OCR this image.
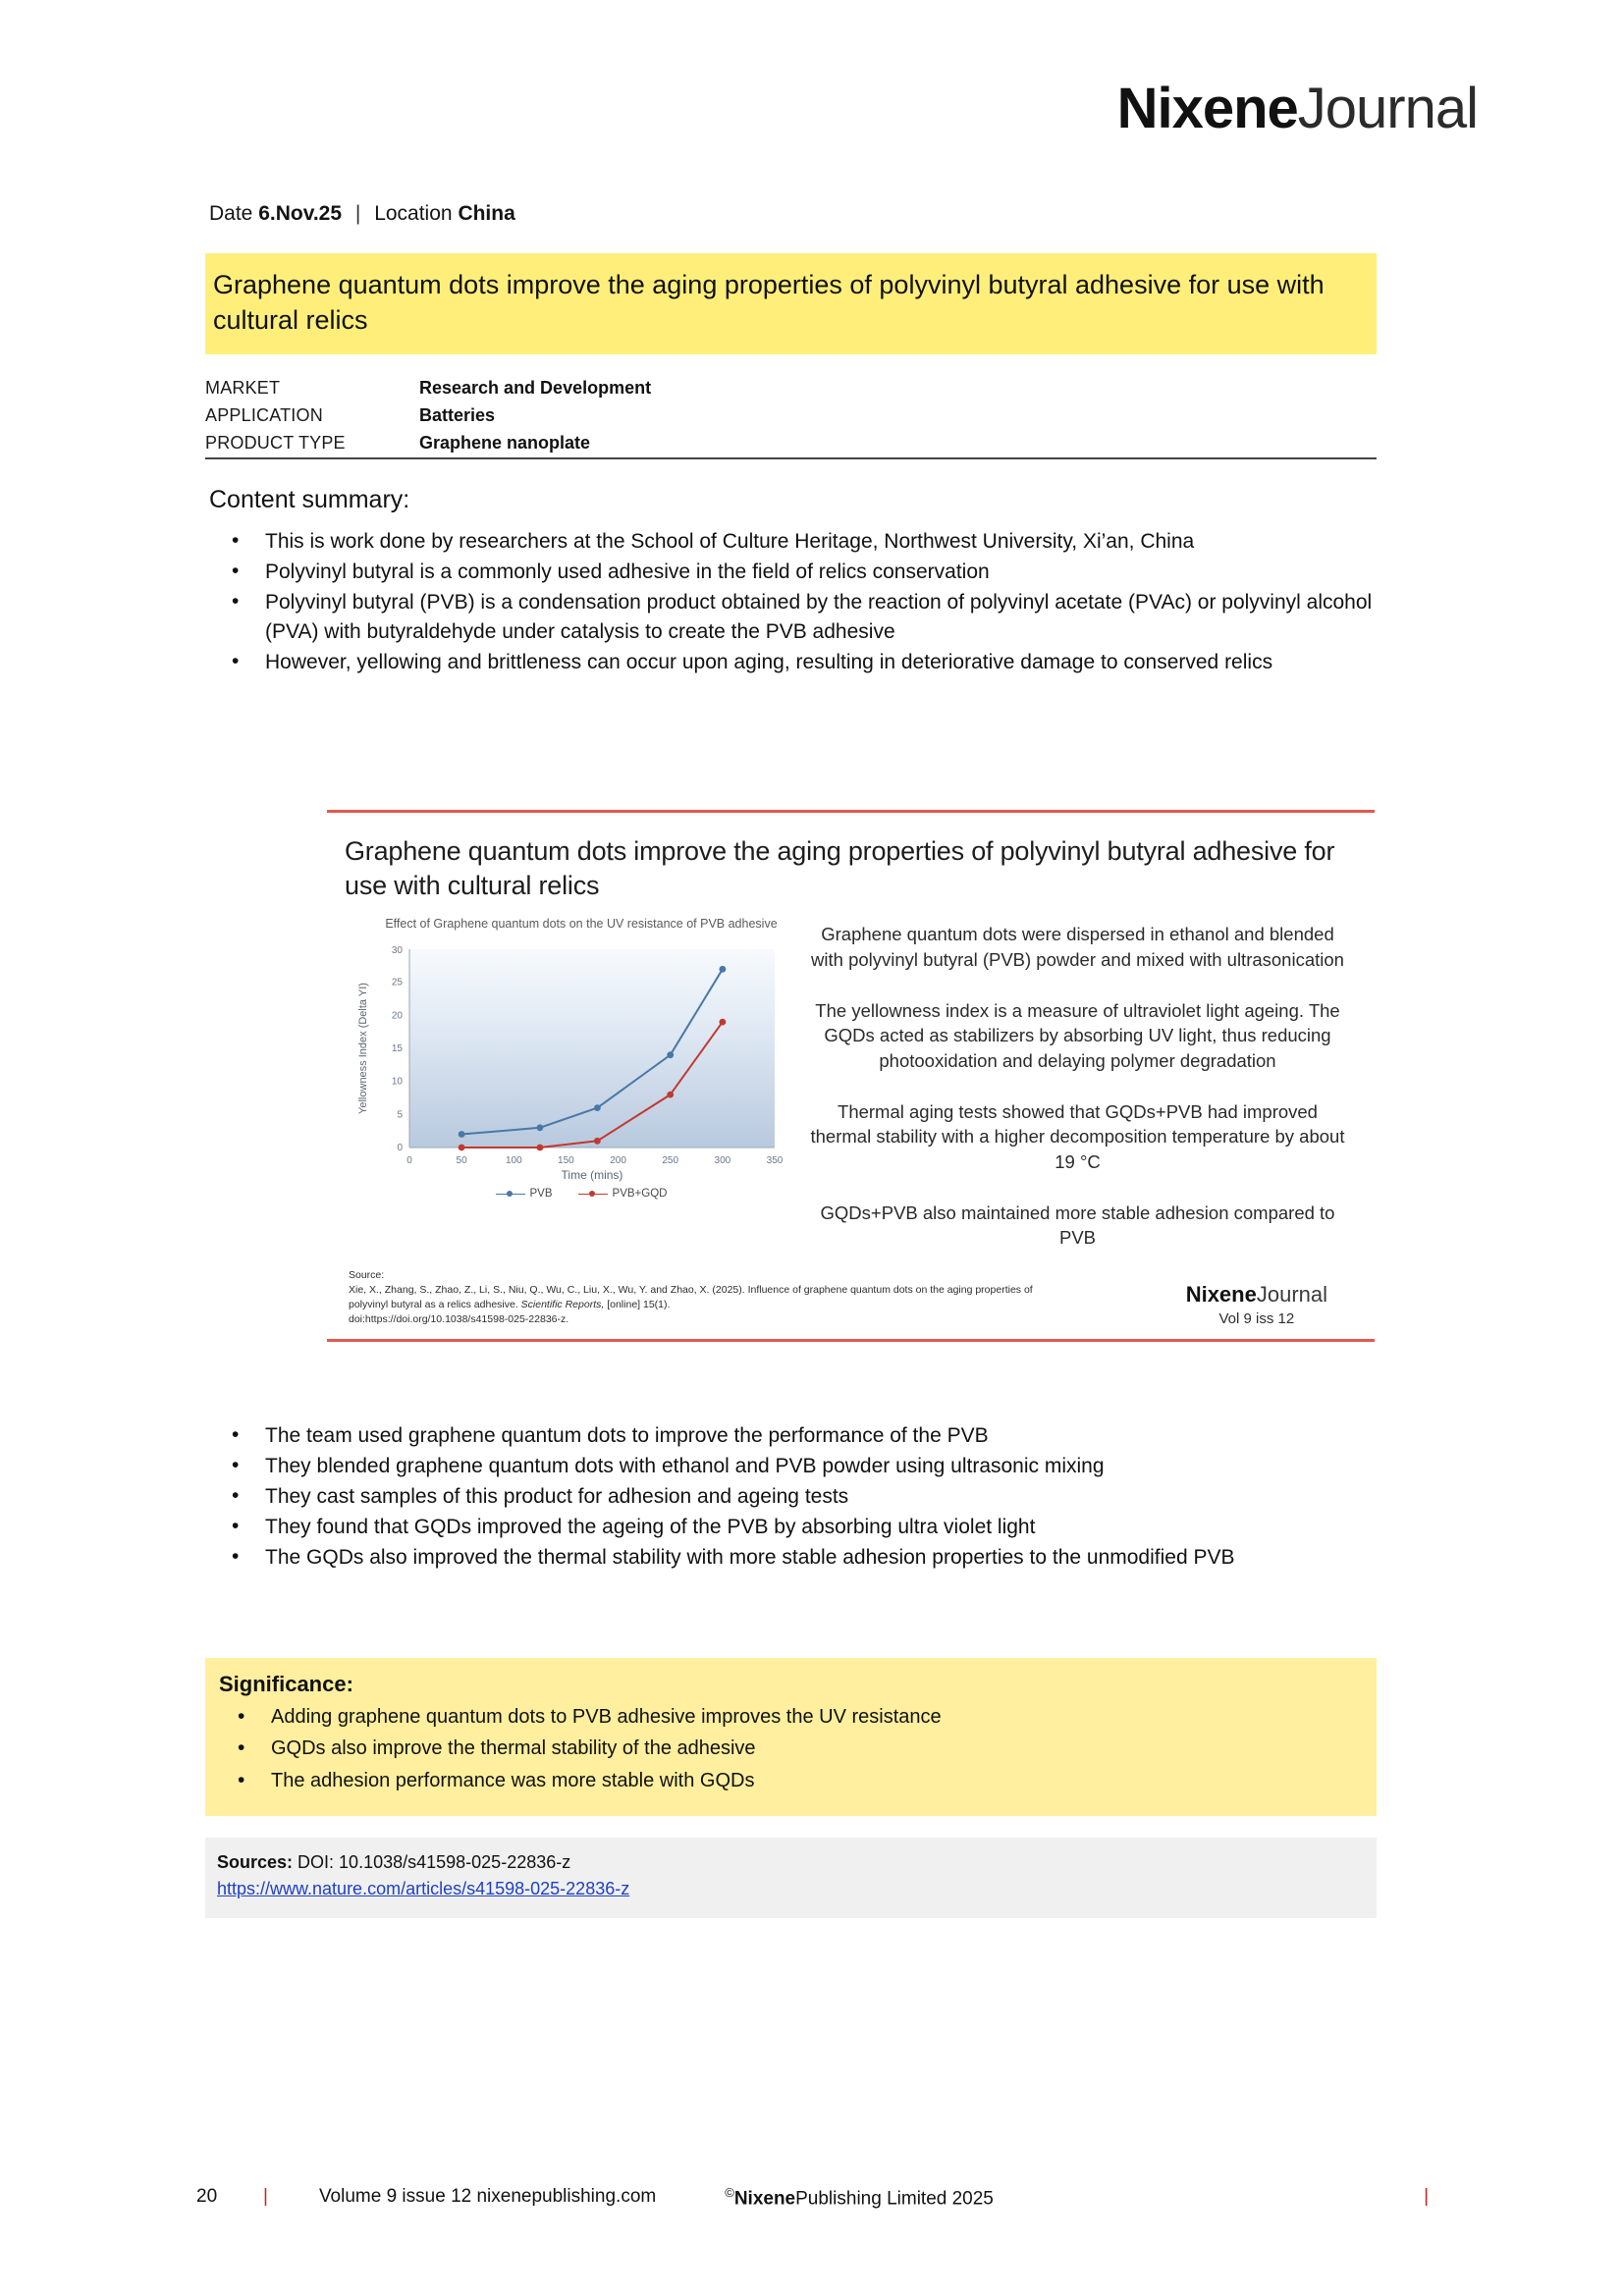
NixeneJournal
Date 6.Nov.25 | Location China
Graphene quantum dots improve the aging properties of polyvinyl butyral adhesive for use with cultural relics
MARKET	Research and Development
APPLICATION	Batteries
PRODUCT TYPE	Graphene nanoplate
Content summary:
• This is work done by researchers at the School of Culture Heritage, Northwest University, Xi’an, China
• Polyvinyl butyral is a commonly used adhesive in the field of relics conservation
• Polyvinyl butyral (PVB) is a condensation product obtained by the reaction of polyvinyl acetate (PVAc) or polyvinyl alcohol (PVA) with butyraldehyde under catalysis to create the PVB adhesive
• However, yellowing and brittleness can occur upon aging, resulting in deteriorative damage to conserved relics
Graphene quantum dots improve the aging properties of polyvinyl butyral adhesive for use with cultural relics
Effect of Graphene quantum dots on the UV resistance of PVB adhesive
0
5
10
15
20
25
30
0	50	100	150	200	250	300	350
Time (mins)
Yellowness Index (Delta YI)
PVB	PVB+GQD

Graphene quantum dots were dispersed in ethanol and blended with polyvinyl butyral (PVB) powder and mixed with ultrasonication

The yellowness index is a measure of ultraviolet light ageing. The GQDs acted as stabilizers by absorbing UV light, thus reducing photooxidation and delaying polymer degradation

Thermal aging tests showed that GQDs+PVB had improved thermal stability with a higher decomposition temperature by about 19 °C

GQDs+PVB also maintained more stable adhesion compared to PVB

Source:
Xie, X., Zhang, S., Zhao, Z., Li, S., Niu, Q., Wu, C., Liu, X., Wu, Y. and Zhao, X. (2025). Influence of graphene quantum dots on the aging properties of polyvinyl butyral as a relics adhesive. Scientific Reports, [online] 15(1).
doi:https://doi.org/10.1038/s41598-025-22836-z.
NixeneJournal
Vol 9 iss 12
• The team used graphene quantum dots to improve the performance of the PVB
• They blended graphene quantum dots with ethanol and PVB powder using ultrasonic mixing
• They cast samples of this product for adhesion and ageing tests
• They found that GQDs improved the ageing of the PVB by absorbing ultra violet light
• The GQDs also improved the thermal stability with more stable adhesion properties to the unmodified PVB
Significance:
• Adding graphene quantum dots to PVB adhesive improves the UV resistance
• GQDs also improve the thermal stability of the adhesive
• The adhesion performance was more stable with GQDs
Sources: DOI: 10.1038/s41598-025-22836-z
https://www.nature.com/articles/s41598-025-22836-z
20	|	Volume 9 issue 12 nixenepublishing.com	©NixenePublishing Limited 2025	|
